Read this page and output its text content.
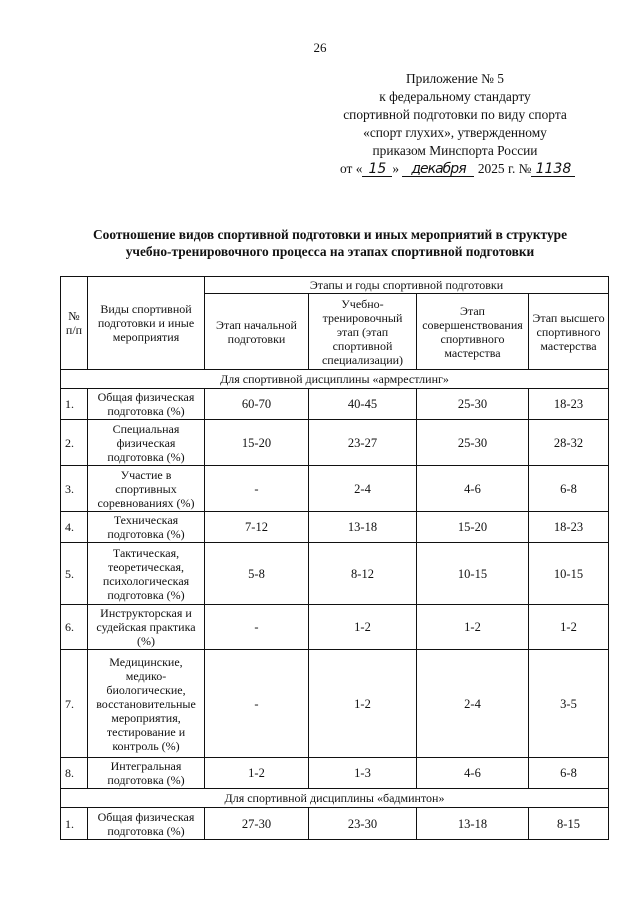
26
Приложение № 5
к федеральному стандарту
спортивной подготовки по виду спорта
«спорт глухих», утвержденному
приказом Минспорта России
от « 15 » декабря 2025 г. № 1138
Соотношение видов спортивной подготовки и иных мероприятий в структуре
учебно-тренировочного процесса на этапах спортивной подготовки
№ п/п	Виды спортивной подготовки и иные мероприятия	Этапы и годы спортивной подготовки			
		Этап начальной подготовки	Учебно-тренировочный этап (этап спортивной специализации)	Этап совершенствования спортивного мастерства	Этап высшего спортивного мастерства
Для спортивной дисциплины «армрестлинг»					
1.	Общая физическая подготовка (%)	60-70	40-45	25-30	18-23
2.	Специальная физическая подготовка (%)	15-20	23-27	25-30	28-32
3.	Участие в спортивных соревнованиях (%)	-	2-4	4-6	6-8
4.	Техническая подготовка (%)	7-12	13-18	15-20	18-23
5.	Тактическая, теоретическая, психологическая подготовка (%)	5-8	8-12	10-15	10-15
6.	Инструкторская и судейская практика (%)	-	1-2	1-2	1-2
7.	Медицинские, медико-биологические, восстановительные мероприятия, тестирование и контроль (%)	-	1-2	2-4	3-5
8.	Интегральная подготовка (%)	1-2	1-3	4-6	6-8
Для спортивной дисциплины «бадминтон»					
1.	Общая физическая подготовка (%)	27-30	23-30	13-18	8-15
